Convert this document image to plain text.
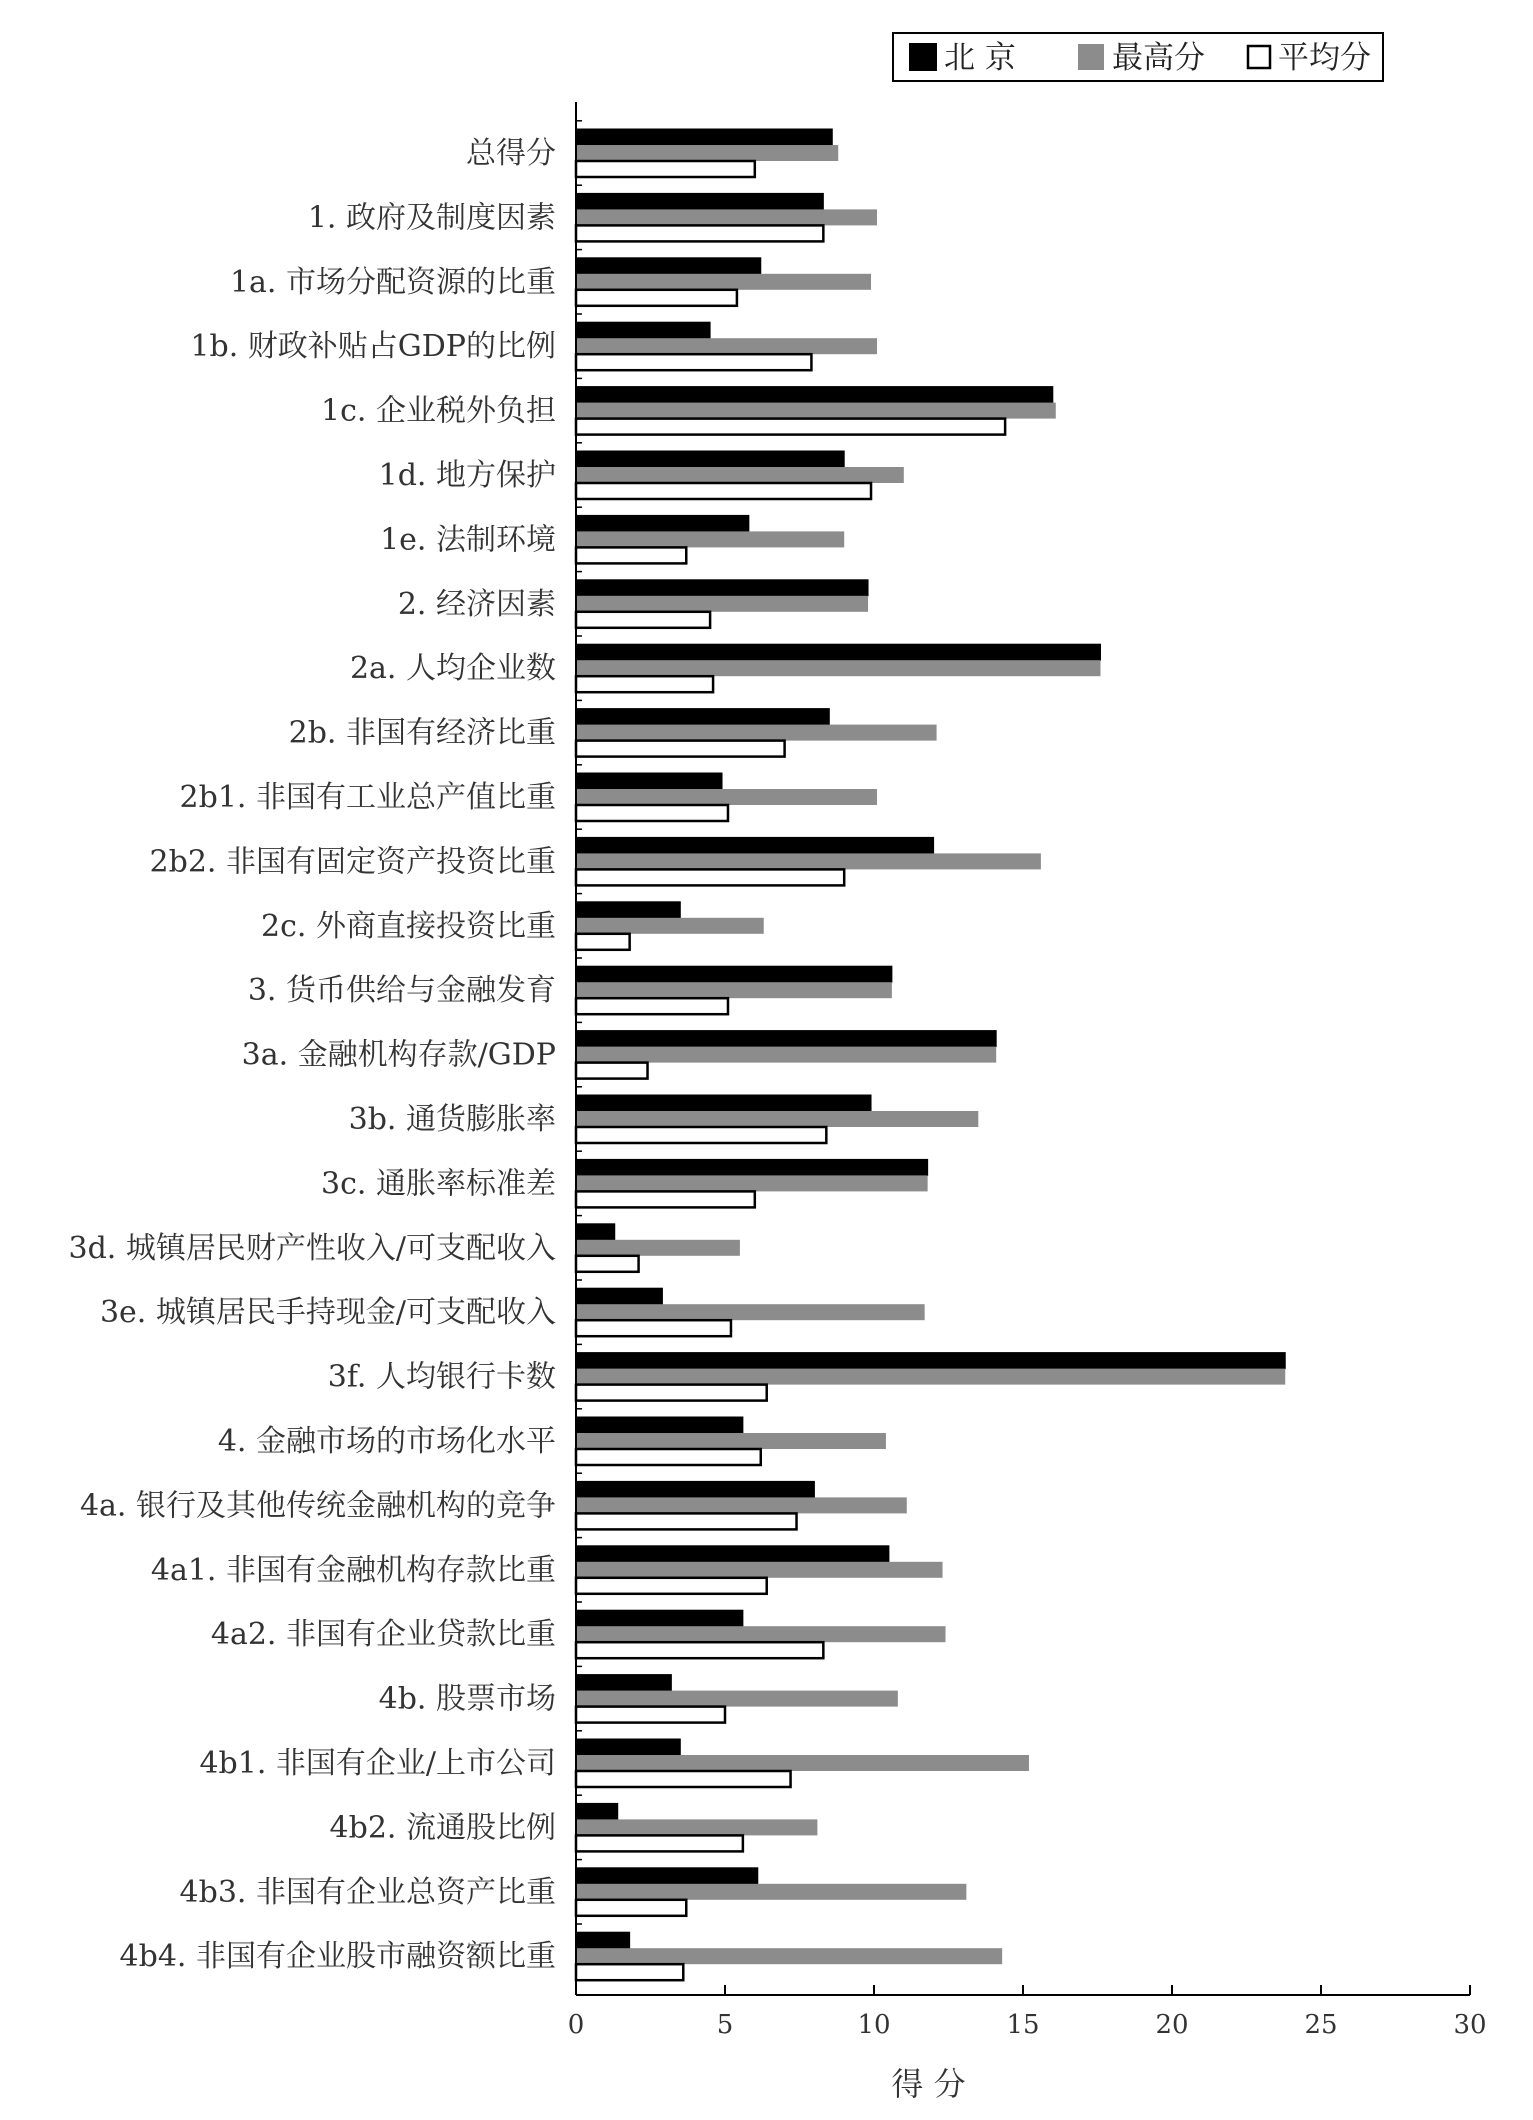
北 京	最高分 平均分
总得分
1. 政府及制度因素
1a. 市场分配资源的比重
1b. 财政补贴占GDP的比例
1c. 企业税外负担
1d. 地方保护
1e. 法制环境
2. 经济因素
2a. 人均企业数
2b. 非国有经济比重
2b1. 非国有工业总产值比重
2b2. 非国有固定资产投资比重
2c. 外商直接投资比重
3. 货币供给与金融发育
3a. 金融机构存款/GDP
3b. 通货膨胀率
3c. 通胀率标准差
3d. 城镇居民财产性收入/可支配收入
3e. 城镇居民手持现金/可支配收入
3f. 人均银行卡数
4. 金融市场的市场化水平
4a. 银行及其他传统金融机构的竞争
4a1. 非国有金融机构存款比重
4a2. 非国有企业贷款比重
4b. 股票市场
4b1. 非国有企业/上市公司
4b2. 流通股比例
4b3. 非国有企业总资产比重
4b4. 非国有企业股市融资额比重
0	5	10	15	20	25	30
得 分
